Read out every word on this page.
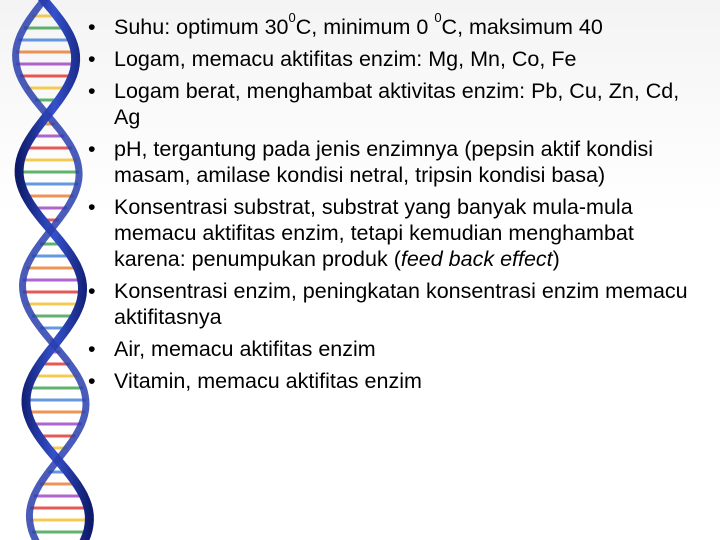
• Suhu: optimum $30^0C$, minimum 0 $^0$C, maksimum 40
• Logam, memacu aktifitas enzim: Mg, Mn, Co, Fe
• Logam berat, menghambat aktivitas enzim: Pb, Cu, Zn, Cd, Ag
• pH, tergantung pada jenis enzimnya (pepsin aktif kondisi masam, amilase kondisi netral, tripsin kondisi basa)
• Konsentrasi substrat, substrat yang banyak mula-mula memacu aktifitas enzim, tetapi kemudian menghambat karena: penumpukan produk (feed back effect)
• Konsentrasi enzim, peningkatan konsentrasi enzim memacu aktifitasnya
• Air, memacu aktifitas enzim
• Vitamin, memacu aktifitas enzim
